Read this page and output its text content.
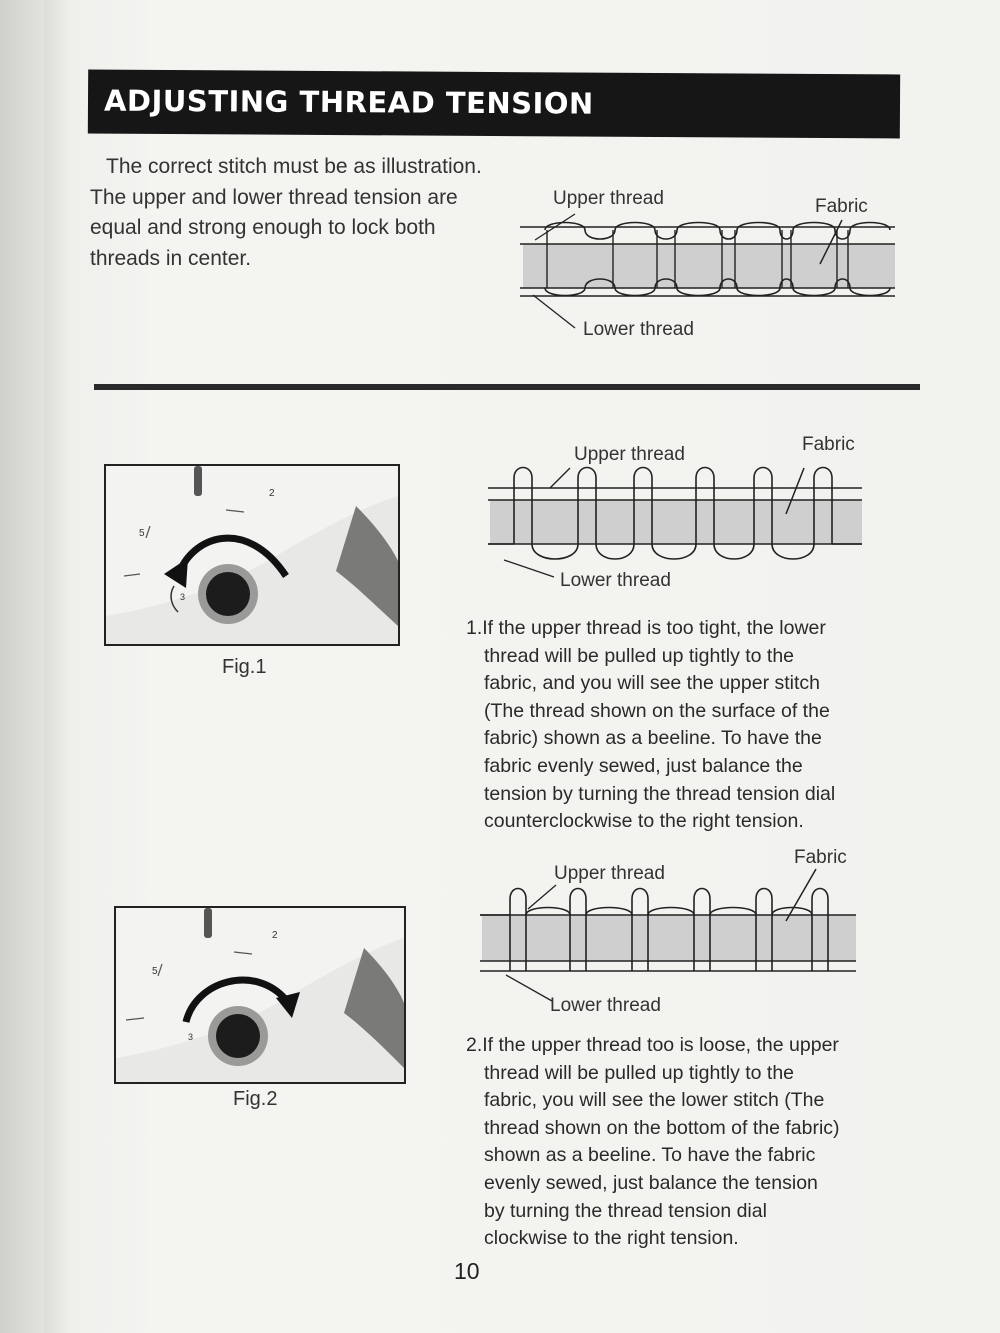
ADJUSTING THREAD TENSION

The correct stitch must be as illustration.

The upper and lower thread tension are

equal and strong enough to lock both

threads in center.

Upper thread	Fabric
Lower thread
5
2
3
Fig.1
Upper thread	Fabric
Lower thread

1.If the upper thread is too tight, the lower

thread will be pulled up tightly to the

fabric, and you will see the upper stitch

(The thread shown on the surface of the

fabric) shown as a beeline. To have the

fabric evenly sewed, just balance the

tension by turning the thread tension dial

counterclockwise to the right tension.

Upper thread
Fabric
Lower thread
5
2
3
Fig.2

2.If the upper thread too is loose, the upper

thread will be pulled up tightly to the

fabric, you will see the lower stitch (The

thread shown on the bottom of the fabric)

shown as a beeline. To have the fabric

evenly sewed, just balance the tension

by turning the thread tension dial

clockwise to the right tension.

10
